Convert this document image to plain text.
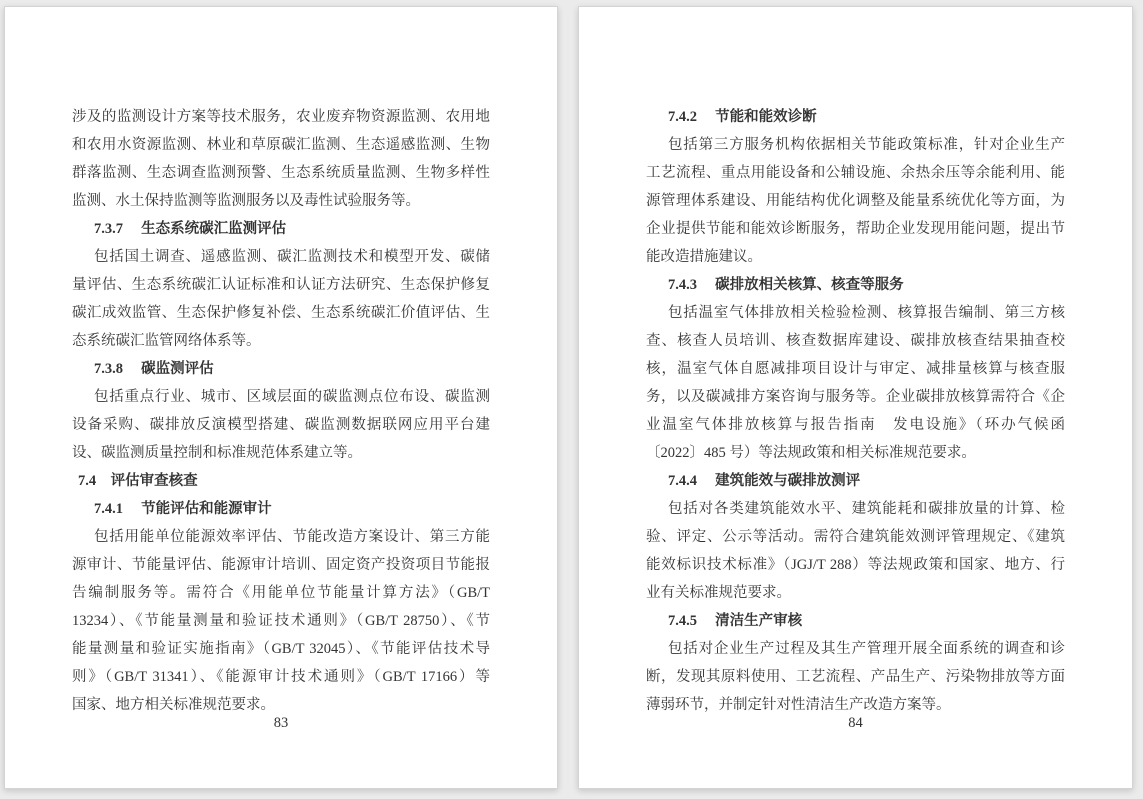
涉及的监测设计方案等技术服务，农业废弃物资源监测、农用地
和农用水资源监测、林业和草原碳汇监测、生态遥感监测、生物
群落监测、生态调查监测预警、生态系统质量监测、生物多样性
监测、水土保持监测等监测服务以及毒性试验服务等。
7.3.7　 生态系统碳汇监测评估
包括国土调查、遥感监测、碳汇监测技术和模型开发、碳储
量评估、生态系统碳汇认证标准和认证方法研究、生态保护修复
碳汇成效监管、生态保护修复补偿、生态系统碳汇价值评估、生
态系统碳汇监管网络体系等。
7.3.8　 碳监测评估
包括重点行业、城市、区域层面的碳监测点位布设、碳监测
设备采购、碳排放反演模型搭建、碳监测数据联网应用平台建
设、碳监测质量控制和标准规范体系建立等。
7.4　评估审查核查
7.4.1　 节能评估和能源审计
包括用能单位能源效率评估、节能改造方案设计、第三方能
源审计、节能量评估、能源审计培训、固定资产投资项目节能报
告编制服务等。需符合《用能单位节能量计算方法》（GB/T
13234）、《节能量测量和验证技术通则》（GB/T 28750）、《节
能量测量和验证实施指南》（GB/T 32045）、《节能评估技术导
则》（GB/T 31341）、《能源审计技术通则》（GB/T 17166）等
国家、地方相关标准规范要求。
83
7.4.2　 节能和能效诊断
包括第三方服务机构依据相关节能政策标准，针对企业生产
工艺流程、重点用能设备和公辅设施、余热余压等余能利用、能
源管理体系建设、用能结构优化调整及能量系统优化等方面，为
企业提供节能和能效诊断服务，帮助企业发现用能问题，提出节
能改造措施建议。
7.4.3　 碳排放相关核算、核查等服务
包括温室气体排放相关检验检测、核算报告编制、第三方核
查、核查人员培训、核查数据库建设、碳排放核查结果抽查校
核，温室气体自愿减排项目设计与审定、减排量核算与核查服
务，以及碳减排方案咨询与服务等。企业碳排放核算需符合《企
业温室气体排放核算与报告指南　发电设施》（环办气候函
〔2022〕485 号）等法规政策和相关标准规范要求。
7.4.4　 建筑能效与碳排放测评
包括对各类建筑能效水平、建筑能耗和碳排放量的计算、检
验、评定、公示等活动。需符合建筑能效测评管理规定、《建筑
能效标识技术标准》（JGJ/T 288）等法规政策和国家、地方、行
业有关标准规范要求。
7.4.5　 清洁生产审核
包括对企业生产过程及其生产管理开展全面系统的调查和诊
断，发现其原料使用、工艺流程、产品生产、污染物排放等方面
薄弱环节，并制定针对性清洁生产改造方案等。
84
